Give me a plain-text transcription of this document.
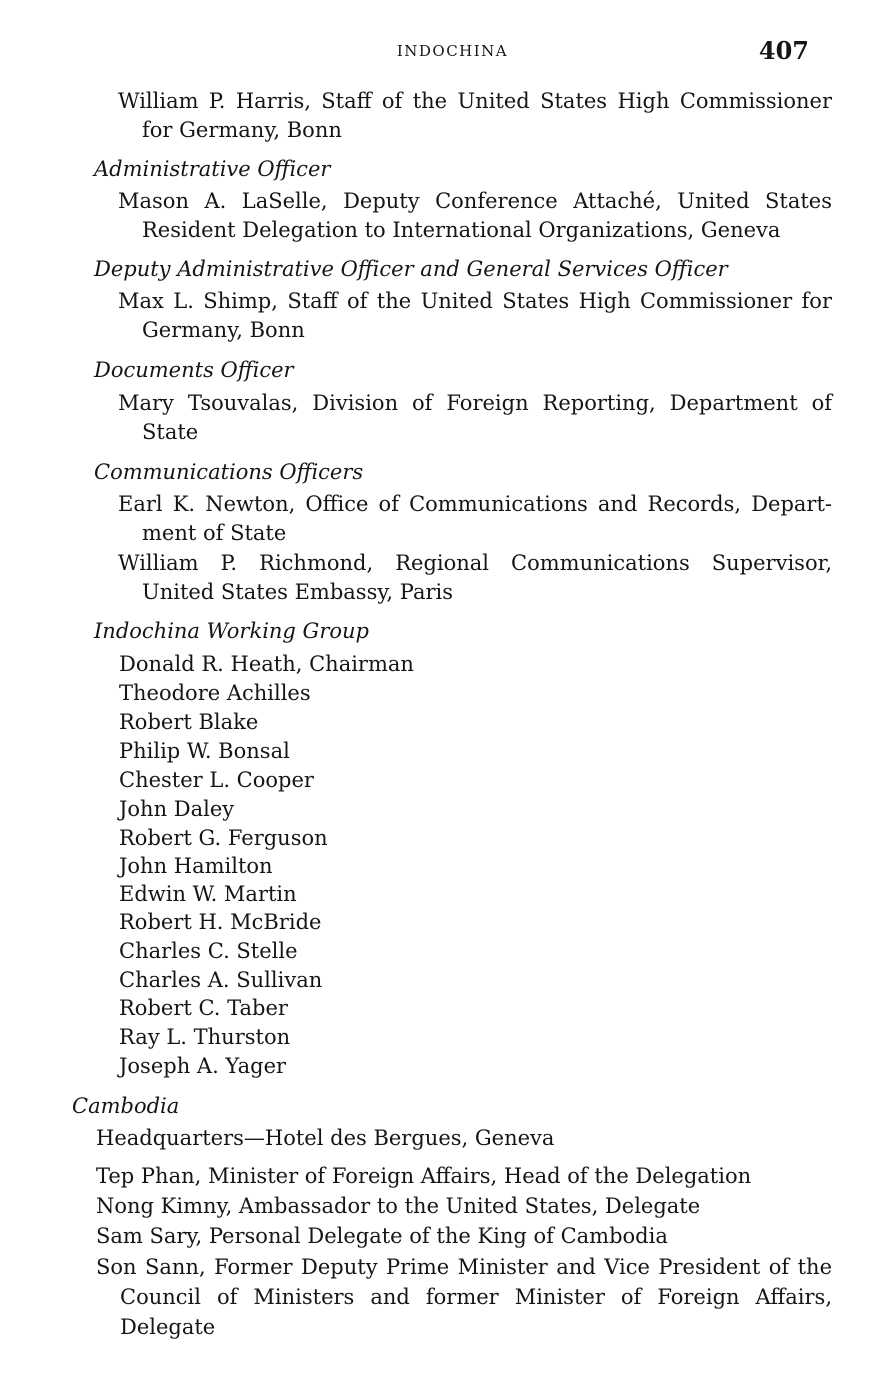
INDOCHINA	407
William P. Harris, Staff of the United States High Commissioner for Germany, Bonn
Administrative Officer
Mason A. LaSelle, Deputy Conference Attaché, United States Resident Delegation to International Organizations, Geneva
Deputy Administrative Officer and General Services Officer
Max L. Shimp, Staff of the United States High Commissioner for Germany, Bonn
Documents Officer
Mary Tsouvalas, Division of Foreign Reporting, Department of State
Communications Officers
Earl K. Newton, Office of Communications and Records, Depart- ment of State
William P. Richmond, Regional Communications Supervisor, United States Embassy, Paris
Indochina Working Group
Donald R. Heath, Chairman
Theodore Achilles
Robert Blake
Philip W. Bonsal
Chester L. Cooper
John Daley
Robert G. Ferguson
John Hamilton
Edwin W. Martin
Robert H. McBride
Charles C. Stelle
Charles A. Sullivan
Robert C. Taber
Ray L. Thurston
Joseph A. Yager
Cambodia
Headquarters—Hotel des Bergues, Geneva
Tep Phan, Minister of Foreign Affairs, Head of the Delegation
Nong Kimny, Ambassador to the United States, Delegate
Sam Sary, Personal Delegate of the King of Cambodia
Son Sann, Former Deputy Prime Minister and Vice President of the Council of Ministers and former Minister of Foreign Affairs, Delegate
